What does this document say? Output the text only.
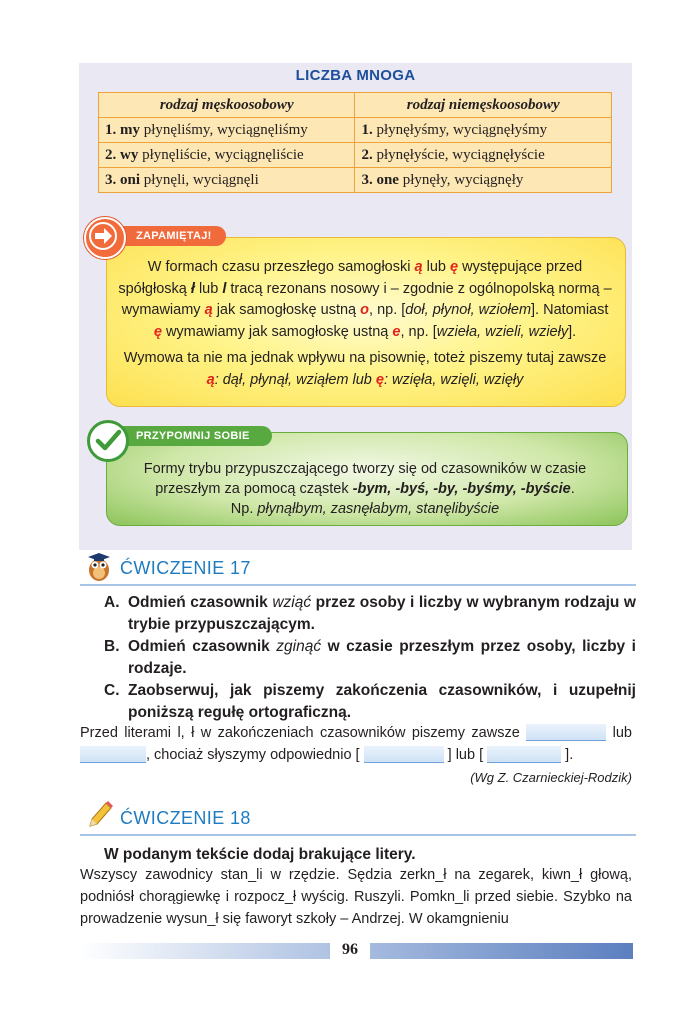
LICZBA MNOGA
rodzaj męskoosobowy	rodzaj niemęskoosobowy
1. my płynęliśmy, wyciągnęliśmy	1. płynęłyśmy, wyciągnęłyśmy
2. wy płynęliście, wyciągnęliście	2. płynęłyście, wyciągnęłyście
3. oni płynęli, wyciągnęli	3. one płynęły, wyciągnęły
ZAPAMIĘTAJ!

W formach czasu przeszłego samogłoski ą lub ę występujące przed spółgłoską ł lub l tracą rezonans nosowy i – zgodnie z ogólnopolską normą – wymawiamy ą jak samogłoskę ustną o, np. [doł, płynoł, wziołem]. Natomiast ę wymawiamy jak samogłoskę ustną e, np. [wzieła, wzieli, wzieły].

Wymowa ta nie ma jednak wpływu na pisownię, toteż piszemy tutaj zawsze ą: dął, płynął, wziąłem lub ę: wzięła, wzięli, wzięły

PRZYPOMNIJ SOBIE

Formy trybu przypuszczającego tworzy się od czasowników w czasie przeszłym za pomocą cząstek -bym, -byś, -by, -byśmy, -byście.

Np. płynąłbym, zasnęłabym, stanęlibyście

ĆWICZENIE 17
A. Odmień czasownik wziąć przez osoby i liczby w wybranym rodzaju w trybie przypuszczającym.
B. Odmień czasownik zginąć w czasie przeszłym przez osoby, liczby i rodzaje.
C. Zaobserwuj, jak piszemy zakończenia czasowników, i uzupełnij poniższą regułę ortograficzną.
Przed literami l, ł w zakończeniach czasowników piszemy zawsze	lub , chociaż słyszymy odpowiednio [	] lub [	].
(Wg Z. Czarnieckiej-Rodzik)
ĆWICZENIE 18
W podanym tekście dodaj brakujące litery.
Wszyscy zawodnicy stan_li w rzędzie. Sędzia zerkn_ł na zegarek, kiwn_ł głową, podniósł chorągiewkę i rozpocz_ł wyścig. Ruszyli. Pomkn_li przed siebie. Szybko na prowadzenie wysun_ł się faworyt szkoły – Andrzej. W okamgnieniu
96
